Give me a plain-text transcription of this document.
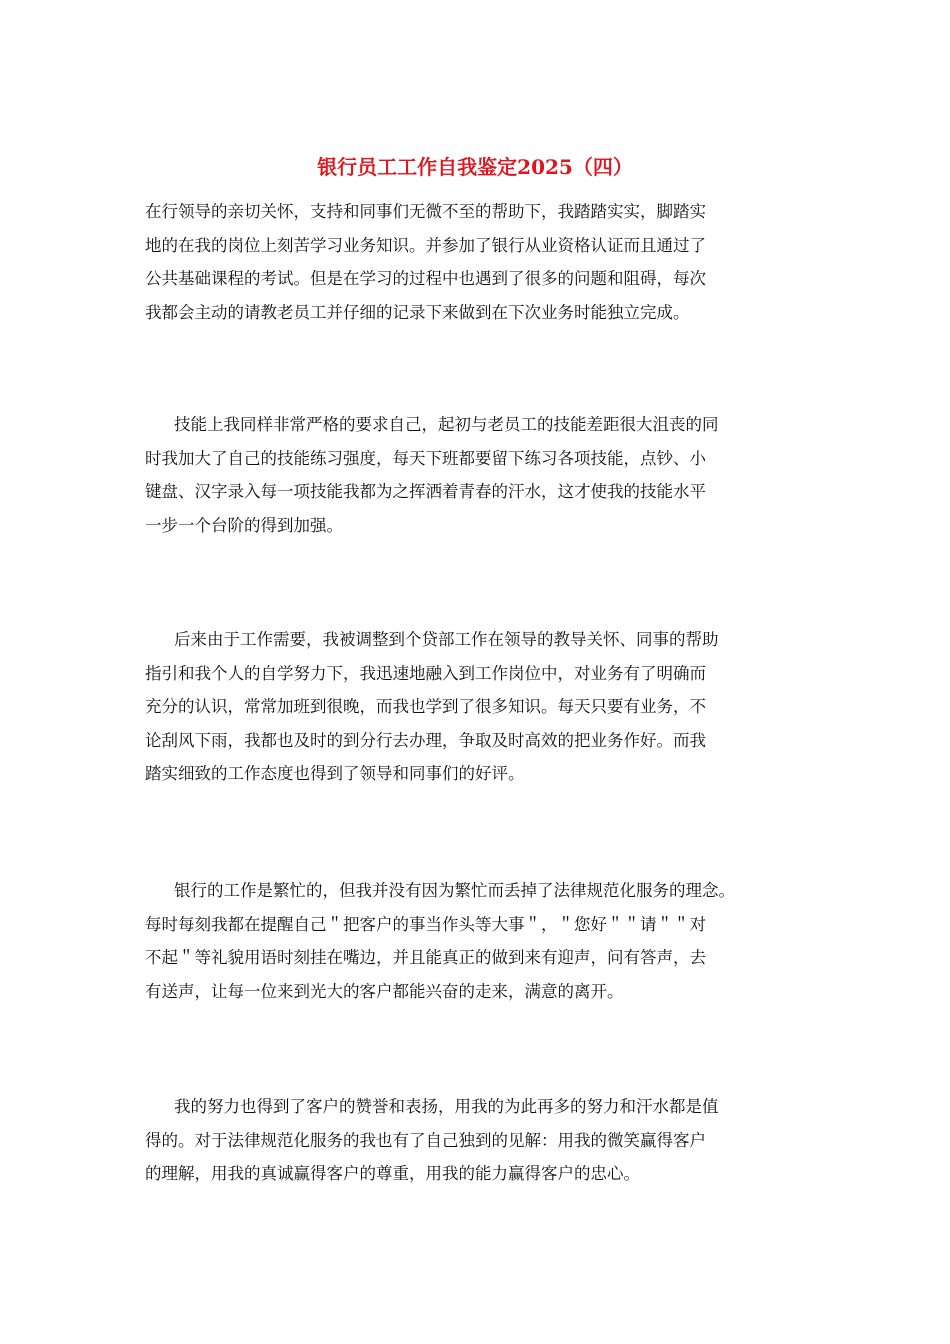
银行员工工作自我鉴定2025（四）
在行领导的亲切关怀，支持和同事们无微不至的帮助下，我踏踏实实，脚踏实
地的在我的岗位上刻苦学习业务知识。并参加了银行从业资格认证而且通过了
公共基础课程的考试。但是在学习的过程中也遇到了很多的问题和阻碍，每次
我都会主动的请教老员工并仔细的记录下来做到在下次业务时能独立完成。
技能上我同样非常严格的要求自己，起初与老员工的技能差距很大沮丧的同
时我加大了自己的技能练习强度，每天下班都要留下练习各项技能，点钞、小
键盘、汉字录入每一项技能我都为之挥洒着青春的汗水，这才使我的技能水平
一步一个台阶的得到加强。
后来由于工作需要，我被调整到个贷部工作在领导的教导关怀、同事的帮助
指引和我个人的自学努力下，我迅速地融入到工作岗位中，对业务有了明确而
充分的认识，常常加班到很晚，而我也学到了很多知识。每天只要有业务，不
论刮风下雨，我都也及时的到分行去办理，争取及时高效的把业务作好。而我
踏实细致的工作态度也得到了领导和同事们的好评。
银行的工作是繁忙的，但我并没有因为繁忙而丢掉了法律规范化服务的理念。
每时每刻我都在提醒自己＂把客户的事当作头等大事＂，＂您好＂＂请＂＂对
不起＂等礼貌用语时刻挂在嘴边，并且能真正的做到来有迎声，问有答声，去
有送声，让每一位来到光大的客户都能兴奋的走来，满意的离开。
我的努力也得到了客户的赞誉和表扬，用我的为此再多的努力和汗水都是值
得的。对于法律规范化服务的我也有了自己独到的见解：用我的微笑赢得客户
的理解，用我的真诚赢得客户的尊重，用我的能力赢得客户的忠心。
